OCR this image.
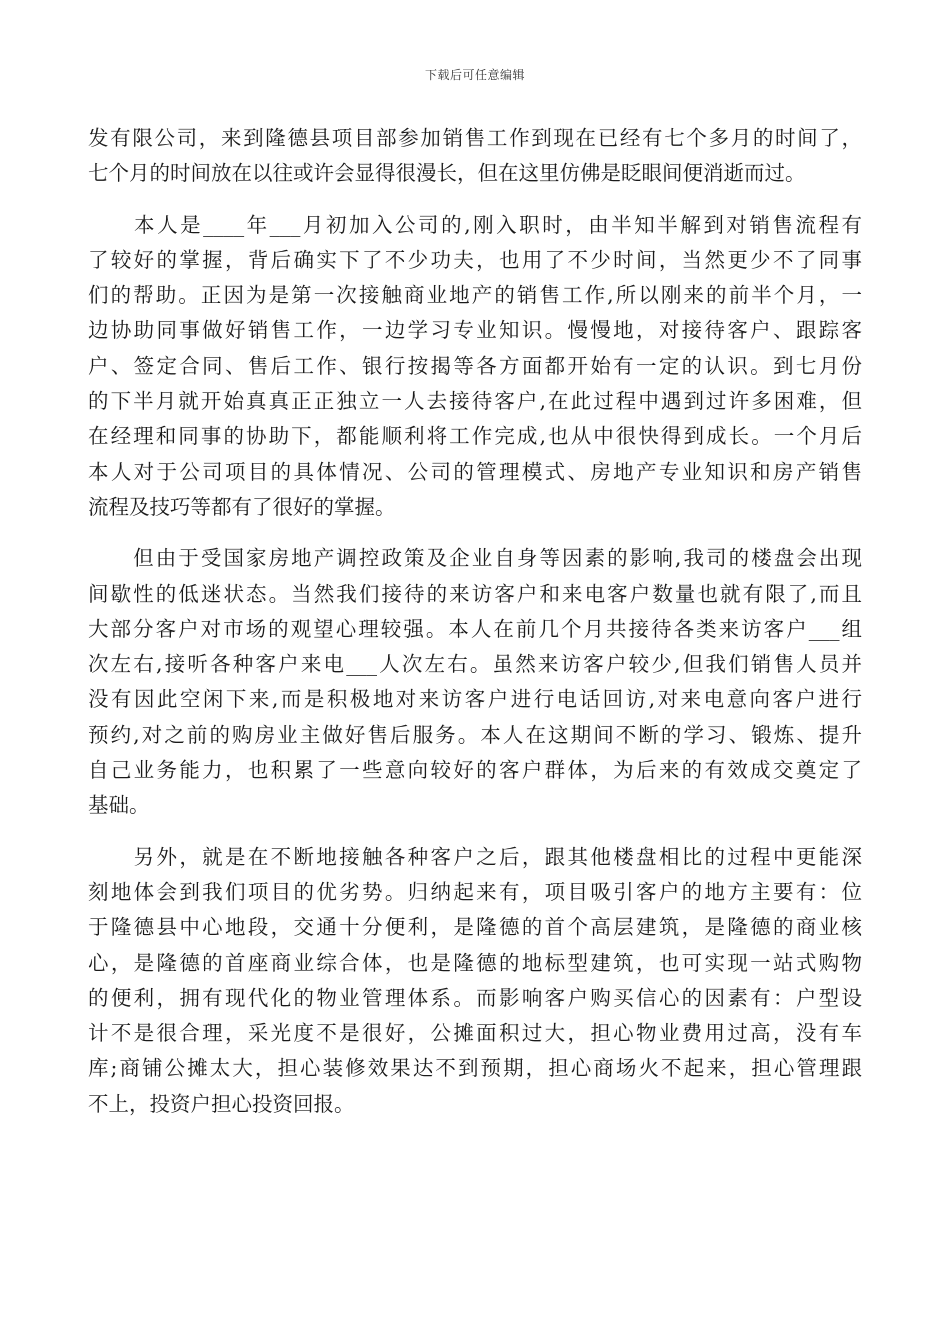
下载后可任意编辑
发有限公司，来到隆德县项目部参加销售工作到现在已经有七个多月的时间了，
七个月的时间放在以往或许会显得很漫长，但在这里仿佛是眨眼间便消逝而过。
　　本人是____年___月初加入公司的,刚入职时，由半知半解到对销售流程有
了较好的掌握，背后确实下了不少功夫，也用了不少时间，当然更少不了同事
们的帮助。正因为是第一次接触商业地产的销售工作,所以刚来的前半个月，一
边协助同事做好销售工作，一边学习专业知识。慢慢地，对接待客户、跟踪客
户、签定合同、售后工作、银行按揭等各方面都开始有一定的认识。到七月份
的下半月就开始真真正正独立一人去接待客户,在此过程中遇到过许多困难，但
在经理和同事的协助下，都能顺利将工作完成,也从中很快得到成长。一个月后
本人对于公司项目的具体情况、公司的管理模式、房地产专业知识和房产销售
流程及技巧等都有了很好的掌握。
　　但由于受国家房地产调控政策及企业自身等因素的影响,我司的楼盘会出现
间歇性的低迷状态。当然我们接待的来访客户和来电客户数量也就有限了,而且
大部分客户对市场的观望心理较强。本人在前几个月共接待各类来访客户___组
次左右,接听各种客户来电___人次左右。虽然来访客户较少,但我们销售人员并
没有因此空闲下来,而是积极地对来访客户进行电话回访,对来电意向客户进行
预约,对之前的购房业主做好售后服务。本人在这期间不断的学习、锻炼、提升
自己业务能力，也积累了一些意向较好的客户群体，为后来的有效成交奠定了
基础。
　　另外，就是在不断地接触各种客户之后，跟其他楼盘相比的过程中更能深
刻地体会到我们项目的优劣势。归纳起来有，项目吸引客户的地方主要有：位
于隆德县中心地段，交通十分便利，是隆德的首个高层建筑，是隆德的商业核
心，是隆德的首座商业综合体，也是隆德的地标型建筑，也可实现一站式购物
的便利，拥有现代化的物业管理体系。而影响客户购买信心的因素有：户型设
计不是很合理，采光度不是很好，公摊面积过大，担心物业费用过高，没有车
库;商铺公摊太大，担心装修效果达不到预期，担心商场火不起来，担心管理跟
不上，投资户担心投资回报。
